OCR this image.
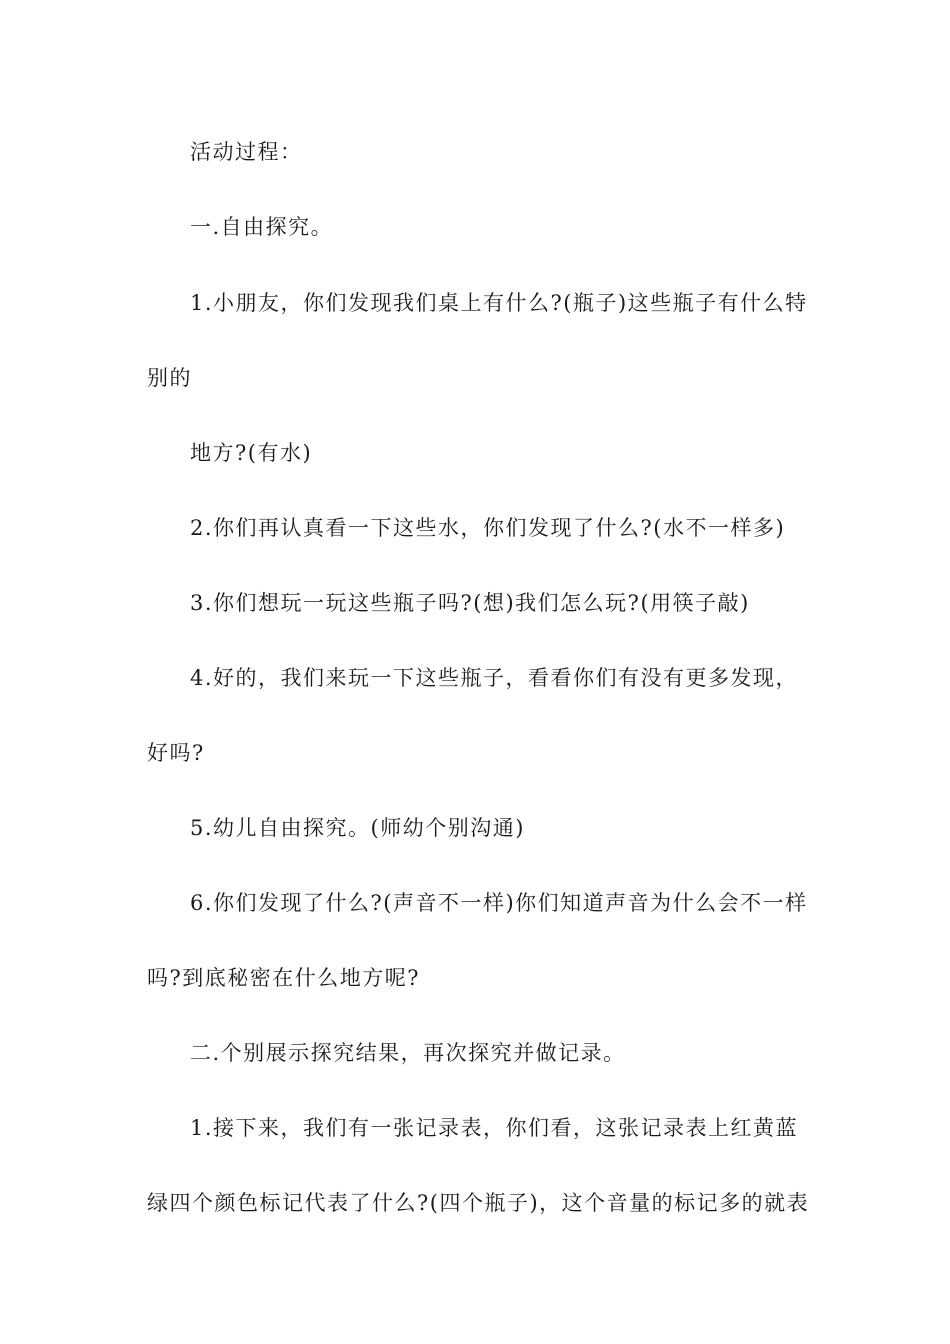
活动过程：
一.自由探究。
1.小朋友，你们发现我们桌上有什么?(瓶子)这些瓶子有什么特
别的
地方?(有水)
2.你们再认真看一下这些水，你们发现了什么?(水不一样多)
3.你们想玩一玩这些瓶子吗?(想)我们怎么玩?(用筷子敲)
4.好的，我们来玩一下这些瓶子，看看你们有没有更多发现，
好吗?
5.幼儿自由探究。(师幼个别沟通)
6.你们发现了什么?(声音不一样)你们知道声音为什么会不一样
吗?到底秘密在什么地方呢?
二.个别展示探究结果，再次探究并做记录。
1.接下来，我们有一张记录表，你们看，这张记录表上红黄蓝
绿四个颜色标记代表了什么?(四个瓶子)，这个音量的标记多的就表
